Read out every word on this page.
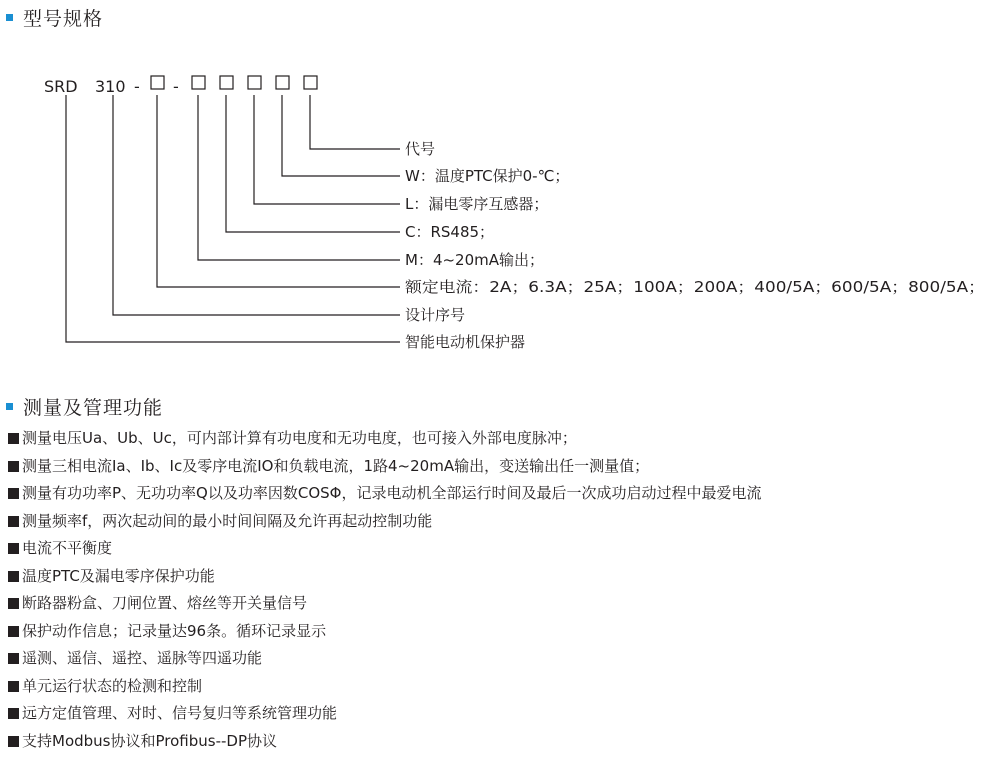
型号规格
SRD 310 - -
代号
W：温度PTC保护0-℃；
L：漏电零序互感器；
C：RS485；
M：4~20mA输出；
额定电流：2A；6.3A；25A；100A；200A；400/5A；600/5A；800/5A；
设计序号
智能电动机保护器
测量及管理功能
测量电压Ua、Ub、Uc，可内部计算有功电度和无功电度，也可接入外部电度脉冲；
测量三相电流Ia、Ib、Ic及零序电流IO和负载电流，1路4~20mA输出，变送输出任一测量值；
测量有功功率P、无功功率Q以及功率因数COSΦ，记录电动机全部运行时间及最后一次成功启动过程中最爱电流
测量频率f，两次起动间的最小时间间隔及允许再起动控制功能
电流不平衡度
温度PTC及漏电零序保护功能
断路器粉盒、刀闸位置、熔丝等开关量信号
保护动作信息；记录量达96条。循环记录显示
遥测、遥信、遥控、遥脉等四遥功能
单元运行状态的检测和控制
远方定值管理、对时、信号复归等系统管理功能
支持Modbus协议和Profibus--DP协议
